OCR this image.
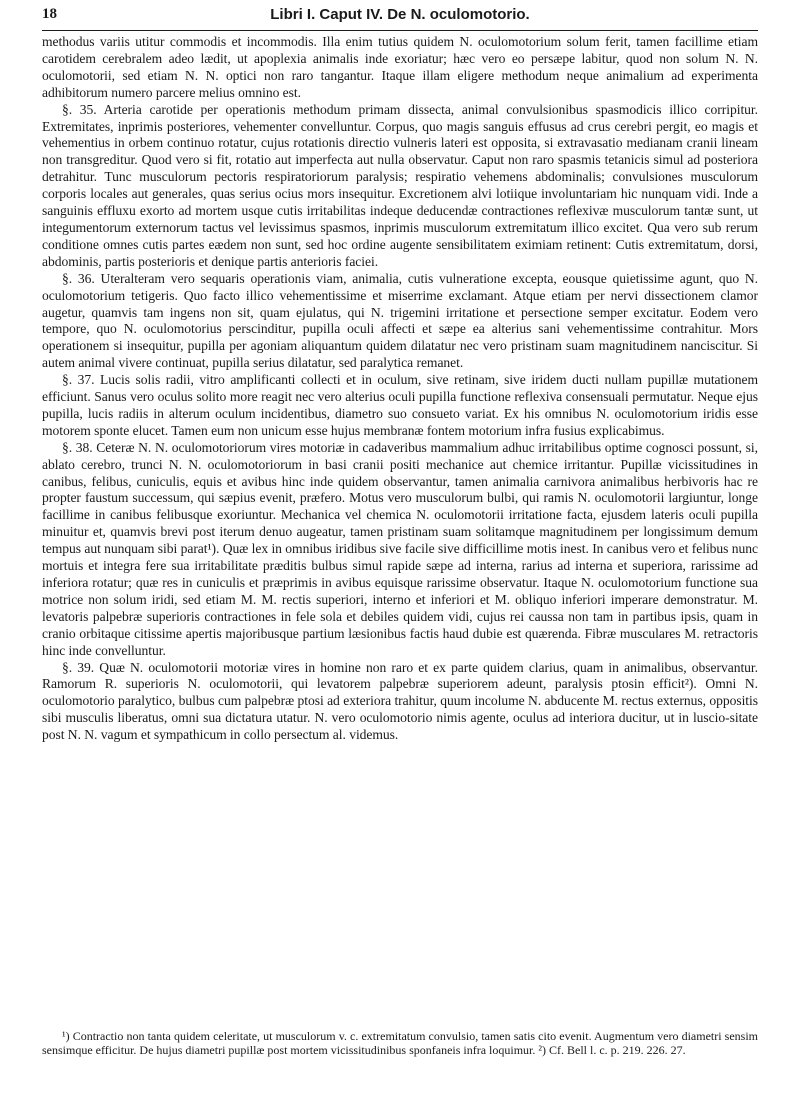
18	Libri I. Caput IV. De N. oculomotorio.

methodus variis utitur commodis et incommodis. Illa enim tutius quidem N. oculomotorium solum ferit, tamen facillime etiam carotidem cerebralem adeo lædit, ut apoplexia animalis inde exoriatur; hæc vero eo persæpe labitur, quod non solum N. N. oculomotorii, sed etiam N. N. optici non raro tangantur. Itaque illam eligere methodum neque animalium ad experimenta adhibitorum numero parcere melius omnino est.

§. 35. Arteria carotide per operationis methodum primam dissecta, animal convulsionibus spasmodicis illico corripitur. Extremitates, inprimis posteriores, vehementer convelluntur. Corpus, quo magis sanguis effusus ad crus cerebri pergit, eo magis et vehementius in orbem continuo rotatur, cujus rotationis directio vulneris lateri est opposita, si extravasatio medianam cranii lineam non transgreditur. Quod vero si fit, rotatio aut imperfecta aut nulla observatur. Caput non raro spasmis tetanicis simul ad posteriora detrahitur. Tunc musculorum pectoris respiratoriorum paralysis; respiratio vehemens abdominalis; convulsiones musculorum corporis locales aut generales, quas serius ocius mors insequitur. Excretionem alvi lotiique involuntariam hic nunquam vidi. Inde a sanguinis effluxu exorto ad mortem usque cutis irritabilitas indeque deducendæ contractiones reflexivæ musculorum tantæ sunt, ut integumentorum externorum tactus vel levissimus spasmos, inprimis musculorum extremitatum illico excitet. Qua vero sub rerum conditione omnes cutis partes eædem non sunt, sed hoc ordine augente sensibilitatem eximiam retinent: Cutis extremitatum, dorsi, abdominis, partis posterioris et denique partis anterioris faciei.

§. 36. Uteralteram vero sequaris operationis viam, animalia, cutis vulneratione excepta, eousque quietissime agunt, quo N. oculomotorium tetigeris. Quo facto illico vehementissime et miserrime exclamant. Atque etiam per nervi dissectionem clamor augetur, quamvis tam ingens non sit, quam ejulatus, qui N. trigemini irritatione et persectione semper excitatur. Eodem vero tempore, quo N. oculomotorius perscinditur, pupilla oculi affecti et sæpe ea alterius sani vehementissime contrahitur. Mors operationem si insequitur, pupilla per agoniam aliquantum quidem dilatatur nec vero pristinam suam magnitudinem nanciscitur. Si autem animal vivere continuat, pupilla serius dilatatur, sed paralytica remanet.

§. 37. Lucis solis radii, vitro amplificanti collecti et in oculum, sive retinam, sive iridem ducti nullam pupillæ mutationem efficiunt. Sanus vero oculus solito more reagit nec vero alterius oculi pupilla functione reflexiva consensuali permutatur. Neque ejus pupilla, lucis radiis in alterum oculum incidentibus, diametro suo consueto variat. Ex his omnibus N. oculomotorium iridis esse motorem sponte elucet. Tamen eum non unicum esse hujus membranæ fontem motorium infra fusius explicabimus.

§. 38. Ceteræ N. N. oculomotoriorum vires motoriæ in cadaveribus mammalium adhuc irritabilibus optime cognosci possunt, si, ablato cerebro, trunci N. N. oculomotoriorum in basi cranii positi mechanice aut chemice irritantur. Pupillæ vicissitudines in canibus, felibus, cuniculis, equis et avibus hinc inde quidem observantur, tamen animalia carnivora animalibus herbivoris hac re propter faustum successum, qui sæpius evenit, præfero. Motus vero musculorum bulbi, qui ramis N. oculomotorii largiuntur, longe facillime in canibus felibusque exoriuntur. Mechanica vel chemica N. oculomotorii irritatione facta, ejusdem lateris oculi pupilla minuitur et, quamvis brevi post iterum denuo augeatur, tamen pristinam suam solitamque magnitudinem per longissimum demum tempus aut nunquam sibi parat¹). Quæ lex in omnibus iridibus sive facile sive difficillime motis inest. In canibus vero et felibus nunc mortuis et integra fere sua irritabilitate præditis bulbus simul rapide sæpe ad interna, rarius ad interna et superiora, rarissime ad inferiora rotatur; quæ res in cuniculis et præprimis in avibus equisque rarissime observatur. Itaque N. oculomotorium functione sua motrice non solum iridi, sed etiam M. M. rectis superiori, interno et inferiori et M. obliquo inferiori imperare demonstratur. M. levatoris palpebræ superioris contractiones in fele sola et debiles quidem vidi, cujus rei caussa non tam in partibus ipsis, quam in cranio orbitaque citissime apertis majoribusque partium læsionibus factis haud dubie est quærenda. Fibræ musculares M. retractoris hinc inde convelluntur.

§. 39. Quæ N. oculomotorii motoriæ vires in homine non raro et ex parte quidem clarius, quam in animalibus, observantur. Ramorum R. superioris N. oculomotorii, qui levatorem palpebræ superiorem adeunt, paralysis ptosin efficit²). Omni N. oculomotorio paralytico, bulbus cum palpebræ ptosi ad exteriora trahitur, quum incolume N. abducente M. rectus externus, oppositis sibi musculis liberatus, omni sua dictatura utatur. N. vero oculomotorio nimis agente, oculus ad interiora ducitur, ut in luscio-sitate post N. N. vagum et sympathicum in collo persectum al. videmus.

¹) Contractio non tanta quidem celeritate, ut musculorum v. c. extremitatum convulsio, tamen satis cito evenit. Augmentum vero diametri sensim sensimque efficitur. De hujus diametri pupillæ post mortem vicissitudinibus sponfaneis infra loquimur. ²) Cf. Bell l. c. p. 219. 226. 27.
